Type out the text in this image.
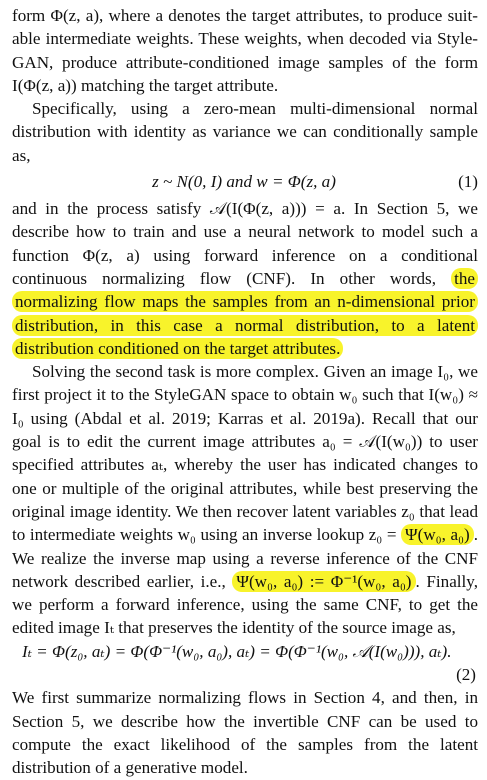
form Φ(z, a), where a denotes the target attributes, to produce suit-able intermediate weights. These weights, when decoded via Style-GAN, produce attribute-conditioned image samples of the form I(Φ(z, a)) matching the target attribute.

Specifically, using a zero-mean multi-dimensional normal distribution with identity as variance we can conditionally sample as,

z ~ N(0, I) and w = Φ(z, a)	(1)

and in the process satisfy 𝒜(I(Φ(z, a))) = a. In Section 5, we describe how to train and use a neural network to model such a function Φ(z, a) using forward inference on a conditional continuous normalizing flow (CNF). In other words, the normalizing flow maps the samples from an n-dimensional prior distribution, in this case a normal distribution, to a latent distribution conditioned on the target attributes.

Solving the second task is more complex. Given an image I₀, we first project it to the StyleGAN space to obtain w₀ such that I(w₀) ≈ I₀ using (Abdal et al. 2019; Karras et al. 2019a). Recall that our goal is to edit the current image attributes a₀ = 𝒜(I(w₀)) to user specified attributes aₜ, whereby the user has indicated changes to one or multiple of the original attributes, while best preserving the original image identity. We then recover latent variables z₀ that lead to intermediate weights w₀ using an inverse lookup z₀ = Ψ(w₀, a₀) . We realize the inverse map using a reverse inference of the CNF network described earlier, i.e., Ψ(w₀, a₀) := Φ⁻¹(w₀, a₀) . Finally, we perform a forward inference, using the same CNF, to get the edited image Iₜ that preserves the identity of the source image as,

Iₜ = Φ(z₀, aₜ) = Φ(Φ⁻¹(w₀, a₀), aₜ) = Φ(Φ⁻¹(w₀, 𝒜(I(w₀))), aₜ).
(2)

We first summarize normalizing flows in Section 4, and then, in Section 5, we describe how the invertible CNF can be used to compute the exact likelihood of the samples from the latent distribution of a generative model.
